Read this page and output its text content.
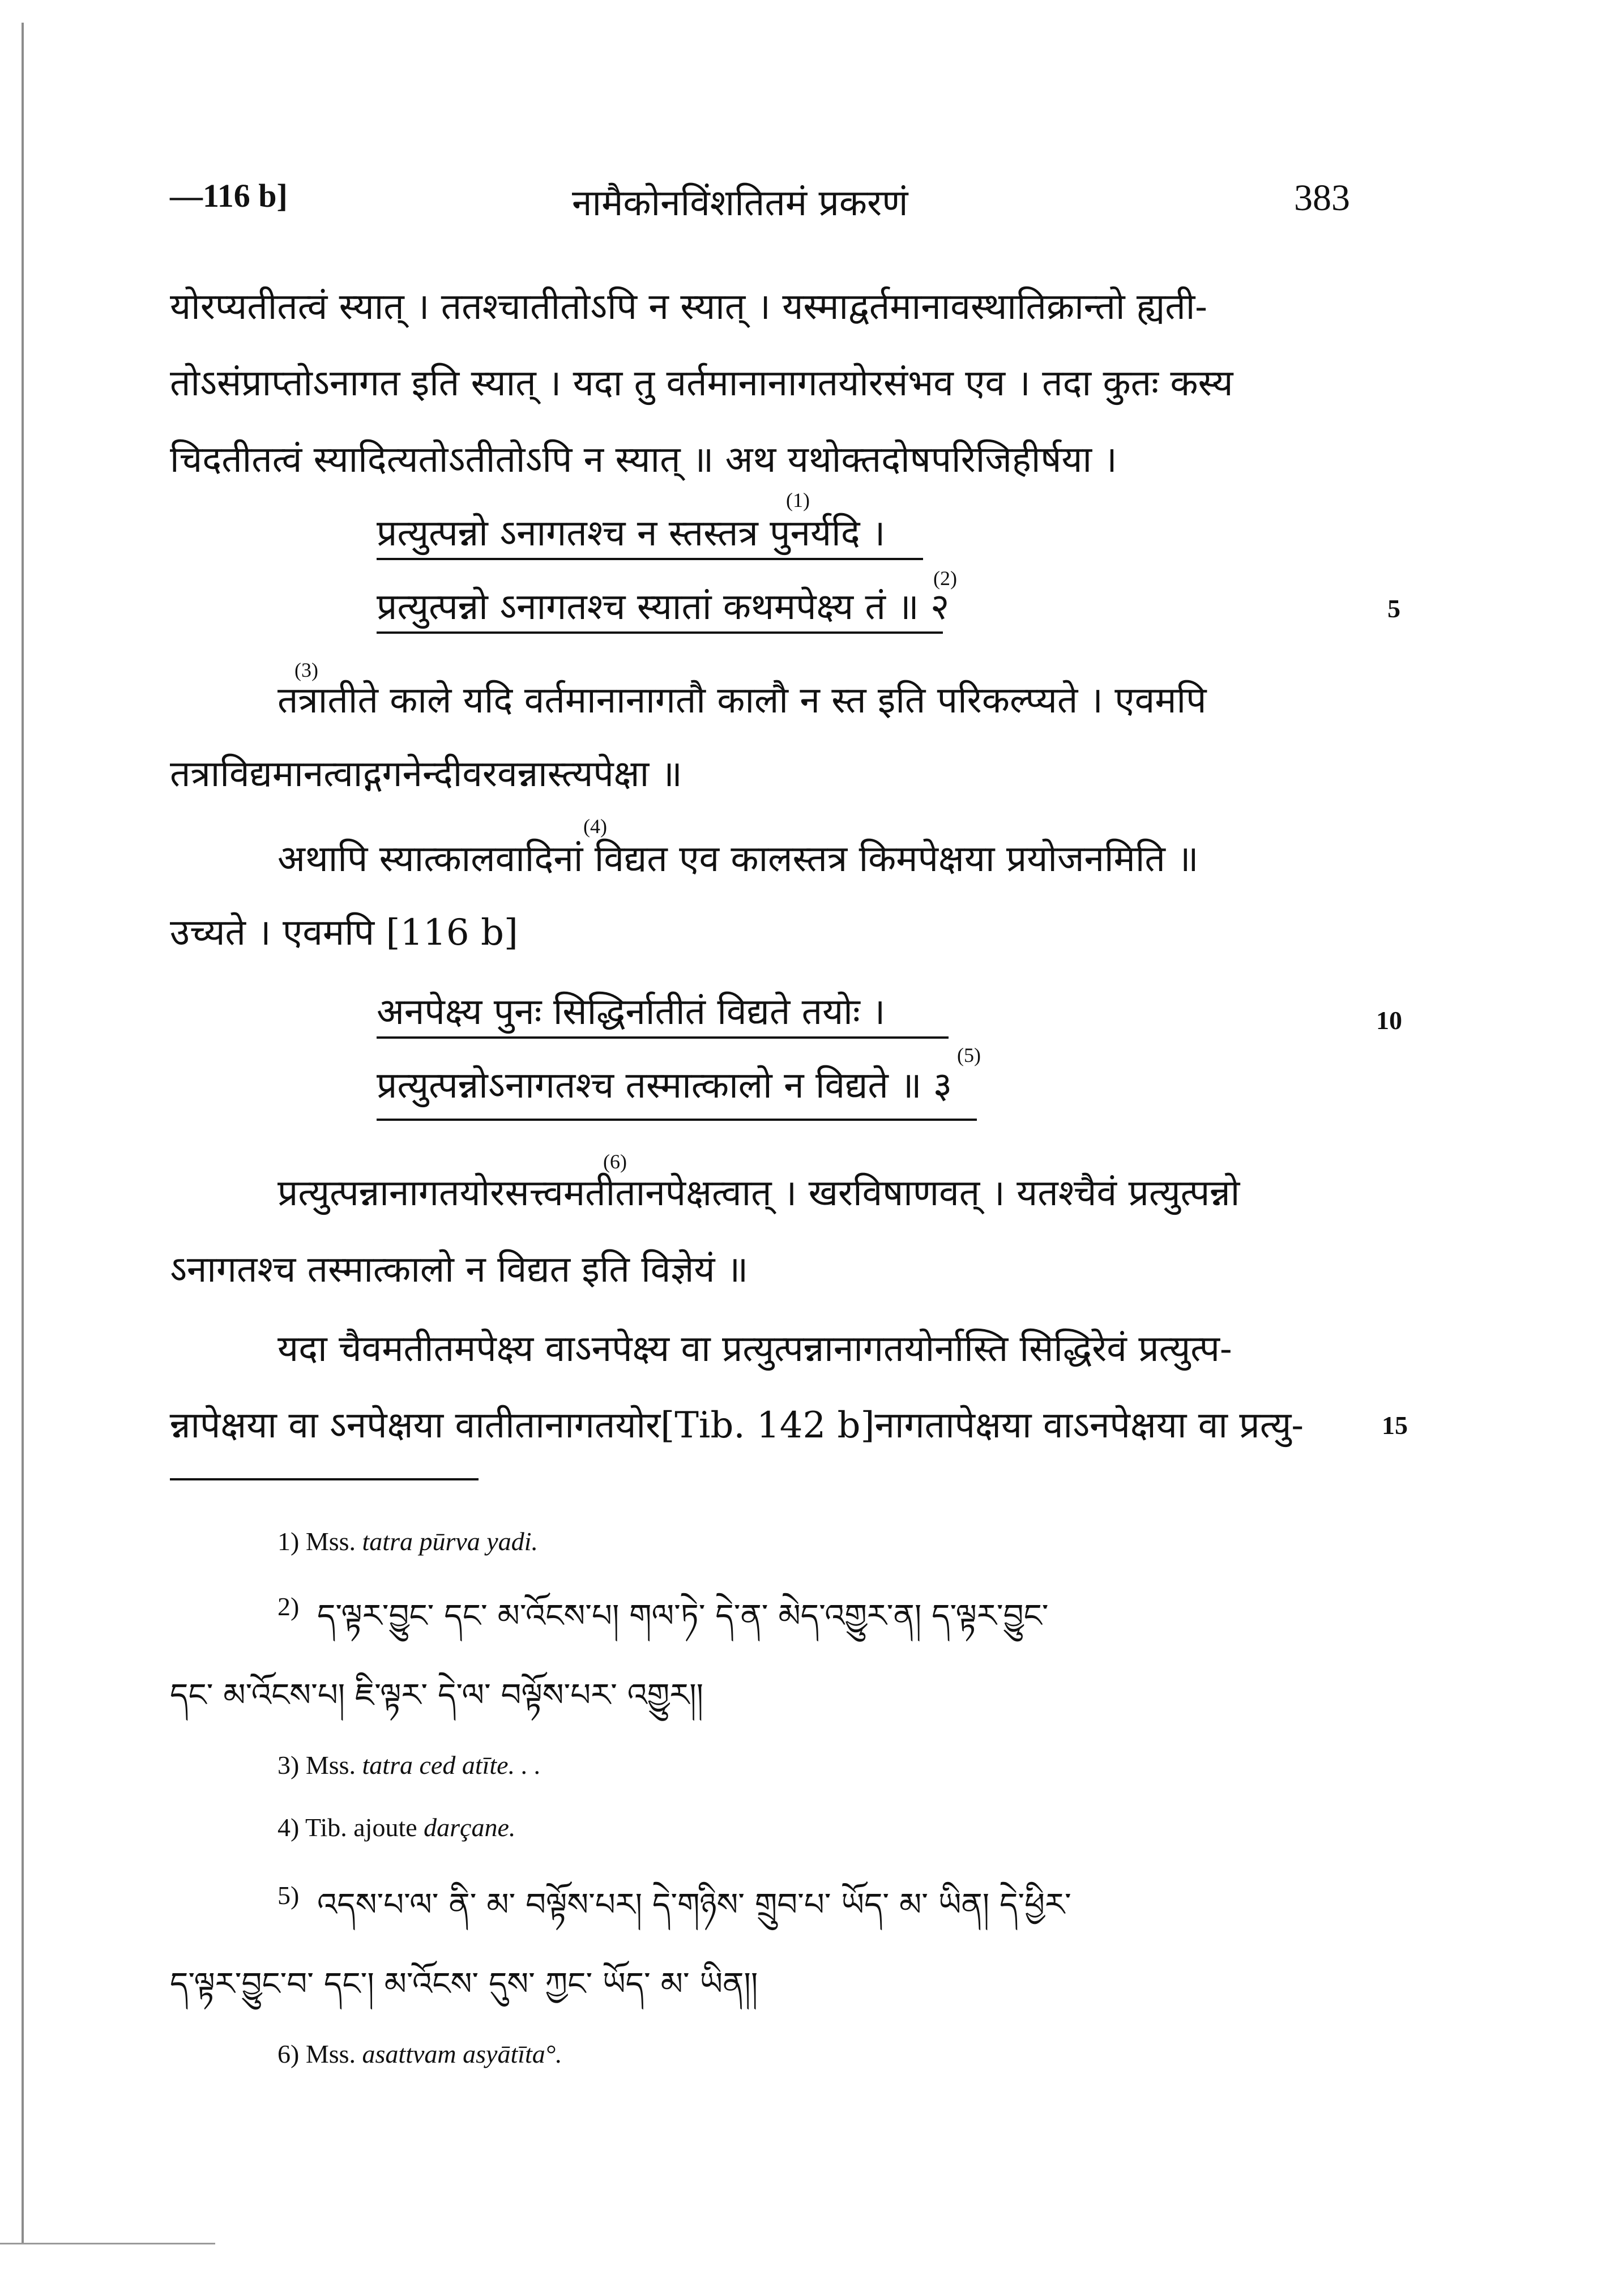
—116 b]	नामैकोनविंशतितमं प्रकरणं	383
योरप्यतीतत्वं स्यात् । ततश्चातीतोऽपि न स्यात् । यस्माद्वर्तमानावस्थातिक्रान्तो ह्यती-
तोऽसंप्राप्तोऽनागत इति स्यात् । यदा तु वर्तमानानागतयोरसंभव एव । तदा कुतः कस्य
चिदतीतत्वं स्यादित्यतोऽतीतोऽपि न स्यात् ॥ अथ यथोक्तदोषपरिजिहीर्षया ।
(1)
प्रत्युत्पन्नो ऽनागतश्च न स्तस्तत्र पुनर्यदि ।
(2)
प्रत्युत्पन्नो ऽनागतश्च स्यातां कथमपेक्ष्य तं ॥ २	5
(3)
तत्रातीते काले यदि वर्तमानानागतौ कालौ न स्त इति परिकल्प्यते । एवमपि
तत्राविद्यमानत्वाद्गगनेन्दीवरवन्नास्त्यपेक्षा ॥
(4)
अथापि स्यात्कालवादिनां विद्यत एव कालस्तत्र किमपेक्षया प्रयोजनमिति ॥
उच्यते । एवमपि [116 b]
अनपेक्ष्य पुनः सिद्धिर्नातीतं विद्यते तयोः ।	10
(5)
प्रत्युत्पन्नोऽनागतश्च तस्मात्कालो न विद्यते ॥ ३
(6)
प्रत्युत्पन्नानागतयोरसत्त्वमतीतानपेक्षत्वात् । खरविषाणवत् । यतश्चैवं प्रत्युत्पन्नो
ऽनागतश्च तस्मात्कालो न विद्यत इति विज्ञेयं ॥
यदा चैवमतीतमपेक्ष्य वाऽनपेक्ष्य वा प्रत्युत्पन्नानागतयोर्नास्ति सिद्धिरेवं प्रत्युत्प-
न्नापेक्षया वा ऽनपेक्षया वातीतानागतयोर[Tib. 142 b]नागतापेक्षया वाऽनपेक्षया वा प्रत्यु-	15
1) Mss. tatra pūrva yadi.
2) ད་ལྟར་བྱུང་ དང་ མ་འོངས་པ། གལ་ཏེ་ དེ་ན་ མེད་འགྱུར་ན། ད་ལྟར་བྱུང་
དང་ མ་འོངས་པ། ཇི་ལྟར་ དེ་ལ་ བལྟོས་པར་ འགྱུར།།
3) Mss. tatra ced atīte. . .
4) Tib. ajoute darçane.
5) འདས་པ་ལ་ ནི་ མ་ བལྟོས་པར། དེ་གཉིས་ གྲུབ་པ་ ཡོད་ མ་ ཡིན། དེ་ཕྱིར་
ད་ལྟར་བྱུང་བ་ དང་། མ་འོངས་ དུས་ ཀྱང་ ཡོད་ མ་ ཡིན།།
6) Mss. asattvam asyātīta°.
